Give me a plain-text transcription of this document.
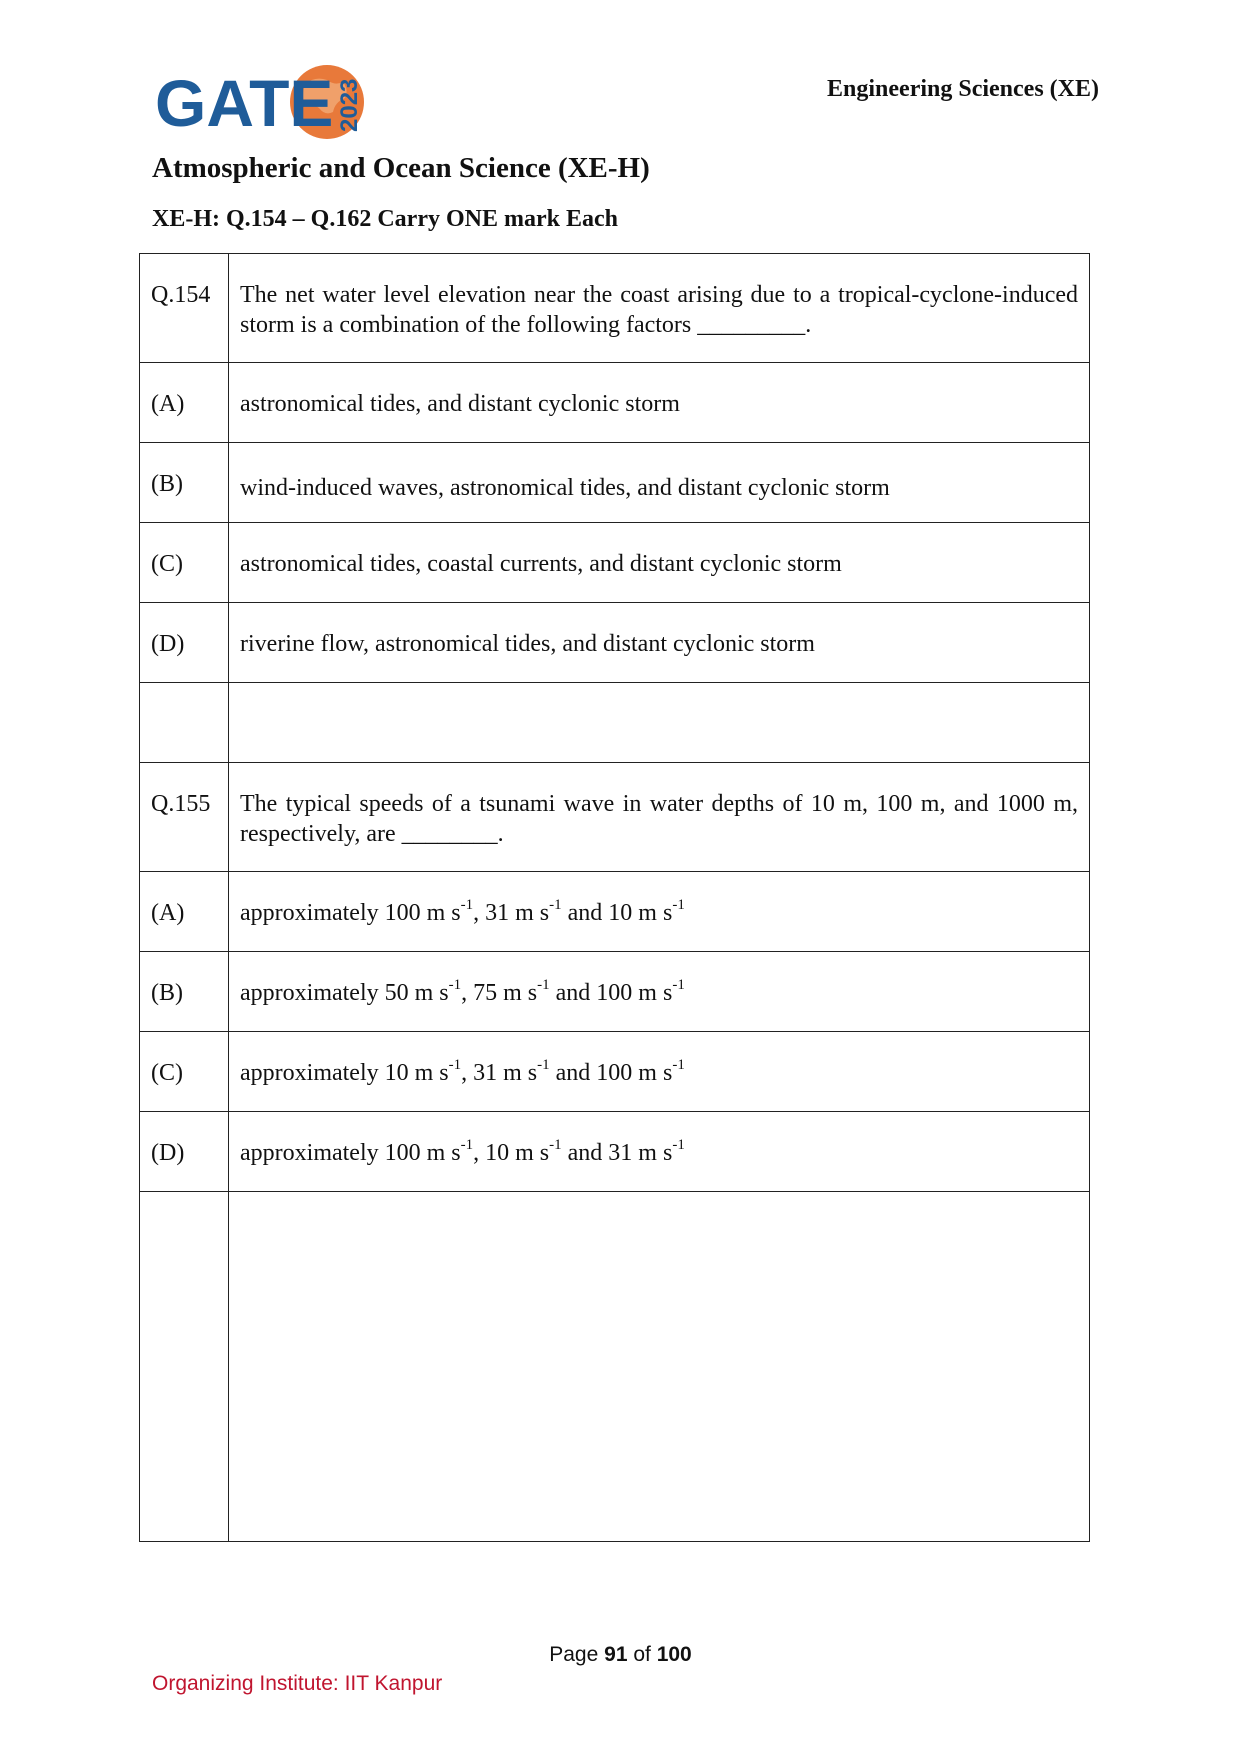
GATE 2023	Engineering Sciences (XE)
Atmospheric and Ocean Science (XE-H)
XE-H: Q.154 – Q.162 Carry ONE mark Each
Q.154	The net water level elevation near the coast arising due to a tropical-cyclone-induced storm is a combination of the following factors _________.

(A)	astronomical tides, and distant cyclonic storm

(B)	wind-induced waves, astronomical tides, and distant cyclonic storm

(C)	astronomical tides, coastal currents, and distant cyclonic storm

(D)	riverine flow, astronomical tides, and distant cyclonic storm

Q.155	The typical speeds of a tsunami wave in water depths of 10 m, 100 m, and 1000 m, respectively, are ________.

(A)	approximately 100 m $s^{-1}$, 31 m $s^{-1}$ and 10 m $s^{-1}$

(B)	approximately 50 m $s^{-1}$, 75 m $s^{-1}$ and 100 m $s^{-1}$

(C)	approximately 10 m $s^{-1}$, 31 m $s^{-1}$ and 100 m $s^{-1}$

(D)	approximately 100 m $s^{-1}$, 10 m $s^{-1}$ and 31 m $s^{-1}$

Page 91 of 100
Organizing Institute: IIT Kanpur
